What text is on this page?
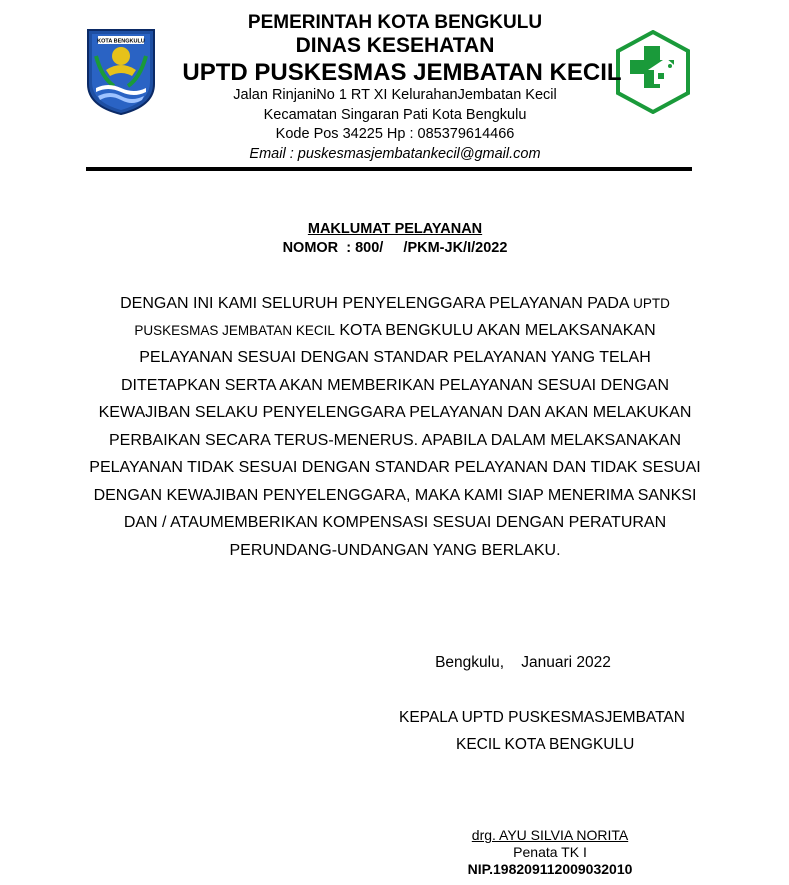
KOTA BENGKULU
PEMERINTAH KOTA BENGKULU
DINAS KESEHATAN
UPTD PUSKESMAS JEMBATAN KECIL
Jalan RinjaniNo 1 RT XI KelurahanJembatan Kecil
Kecamatan Singaran Pati Kota Bengkulu
Kode Pos 34225 Hp : 085379614466
Email : puskesmasjembatankecil@gmail.com
MAKLUMAT PELAYANAN
NOMOR  : 800/     /PKM-JK/I/2022
DENGAN INI KAMI SELURUH PENYELENGGARA PELAYANAN PADA UPTD
PUSKESMAS JEMBATAN KECIL KOTA BENGKULU AKAN MELAKSANAKAN
PELAYANAN SESUAI DENGAN STANDAR PELAYANAN YANG TELAH
DITETAPKAN SERTA AKAN MEMBERIKAN PELAYANAN SESUAI DENGAN
KEWAJIBAN SELAKU PENYELENGGARA PELAYANAN DAN AKAN MELAKUKAN
PERBAIKAN SECARA TERUS-MENERUS. APABILA DALAM MELAKSANAKAN
PELAYANAN TIDAK SESUAI DENGAN STANDAR PELAYANAN DAN TIDAK SESUAI
DENGAN KEWAJIBAN PENYELENGGARA, MAKA KAMI SIAP MENERIMA SANKSI
DAN / ATAUMEMBERIKAN KOMPENSASI SESUAI DENGAN PERATURAN
PERUNDANG-UNDANGAN YANG BERLAKU.
Bengkulu,    Januari 2022
KEPALA UPTD PUSKESMASJEMBATAN
KECIL KOTA BENGKULU
drg. AYU SILVIA NORITA
Penata TK I
NIP.198209112009032010
